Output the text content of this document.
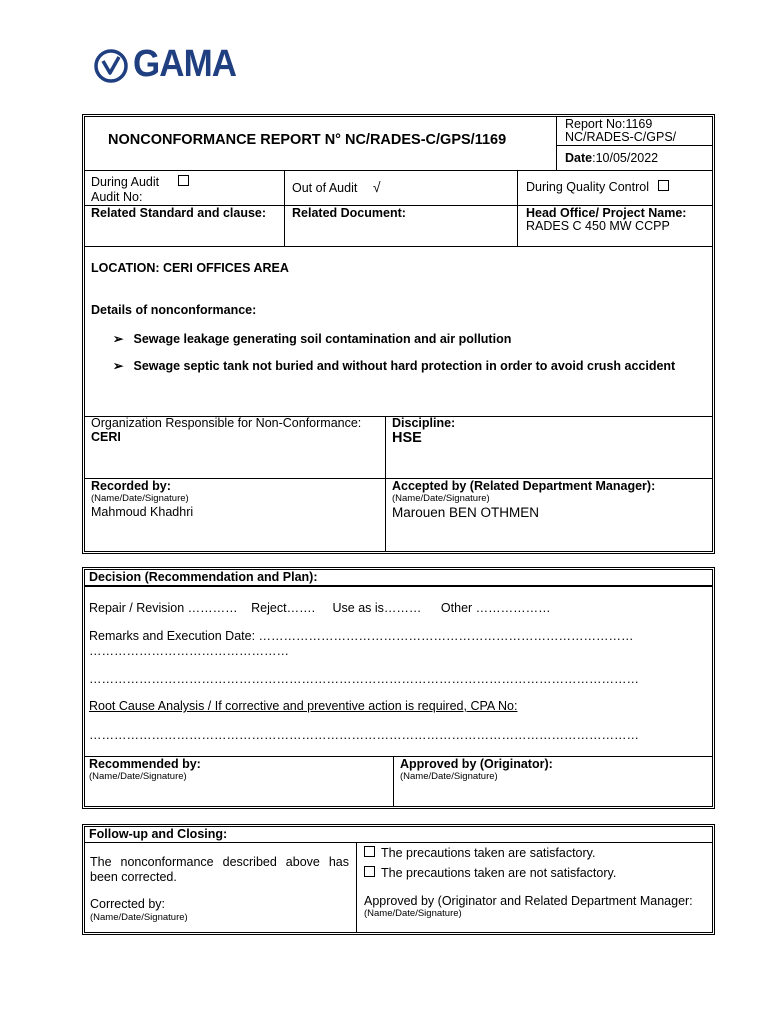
GAMA
NONCONFORMANCE REPORT N° NC/RADES-C/GPS/1169
Report No:1169
NC/RADES-C/GPS/
Date:10/05/2022
During Audit
Audit No:
Out of Audit √	During Quality Control
Related Standard and clause: Related Document:	Head Office/ Project Name:
RADES C 450 MW CCPP
LOCATION: CERI OFFICES AREA
Details of nonconformance:
➢ Sewage leakage generating soil contamination and air pollution
➢ Sewage septic tank not buried and without hard protection in order to avoid crush accident
Organization Responsible for Non-Conformance:
CERI
Discipline:
HSE
Recorded by:
(Name/Date/Signature)
Mahmoud Khadhri
Accepted by (Related Department Manager):
(Name/Date/Signature)
Marouen BEN OTHMEN
Decision (Recommendation and Plan):
Repair / Revision ………… Reject……. Use as is……… Other ………………
Remarks and Execution Date: ………………………………………………………………………………
…………………………………………
……………………………………………………………………………………………………………………
Root Cause Analysis / If corrective and preventive action is required, CPA No:
……………………………………………………………………………………………………………………
Recommended by:
(Name/Date/Signature)
Approved by (Originator):
(Name/Date/Signature)
Follow-up and Closing:
The nonconformance described above has been corrected.
Corrected by:
(Name/Date/Signature)
The precautions taken are satisfactory.
The precautions taken are not satisfactory.
Approved by (Originator and Related Department Manager:
(Name/Date/Signature)
